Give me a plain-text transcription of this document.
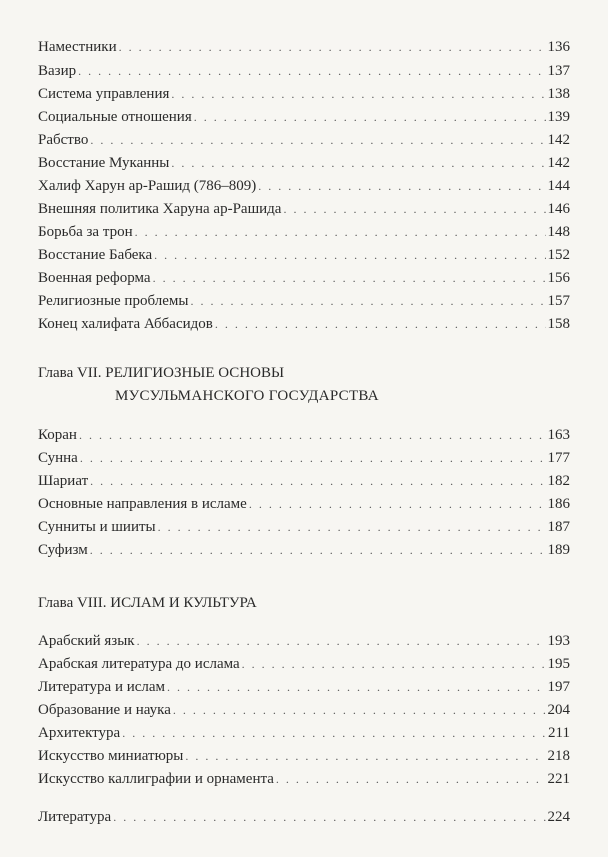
Наместники . . .	136
Вазир . . .	137
Система управления . . .	138
Социальные отношения . . .	139
Рабство . . .	142
Восстание Муканны . . .	142
Халиф Харун ар-Рашид (786–809) . . .	144
Внешняя политика Харуна ар-Рашида . . .	146
Борьба за трон . . .	148
Восстание Бабека . . .	152
Военная реформа . . .	156
Религиозные проблемы . . .	157
Конец халифата Аббасидов . . .	158
Глава VII. РЕЛИГИОЗНЫЕ ОСНОВЫ
МУСУЛЬМАНСКОГО ГОСУДАРСТВА
Коран . . .	163
Сунна . . .	177
Шариат . . .	182
Основные направления в исламе . . .	186
Сунниты и шииты . . .	187
Суфизм . . .	189
Глава VIII. ИСЛАМ И КУЛЬТУРА
Арабский язык . . .	193
Арабская литература до ислама . . .	195
Литература и ислам . . .	197
Образование и наука . . .	204
Архитектура . . .	211
Искусство миниатюры . . .	218
Искусство каллиграфии и орнамента . . .	221
Литература . . .	224
